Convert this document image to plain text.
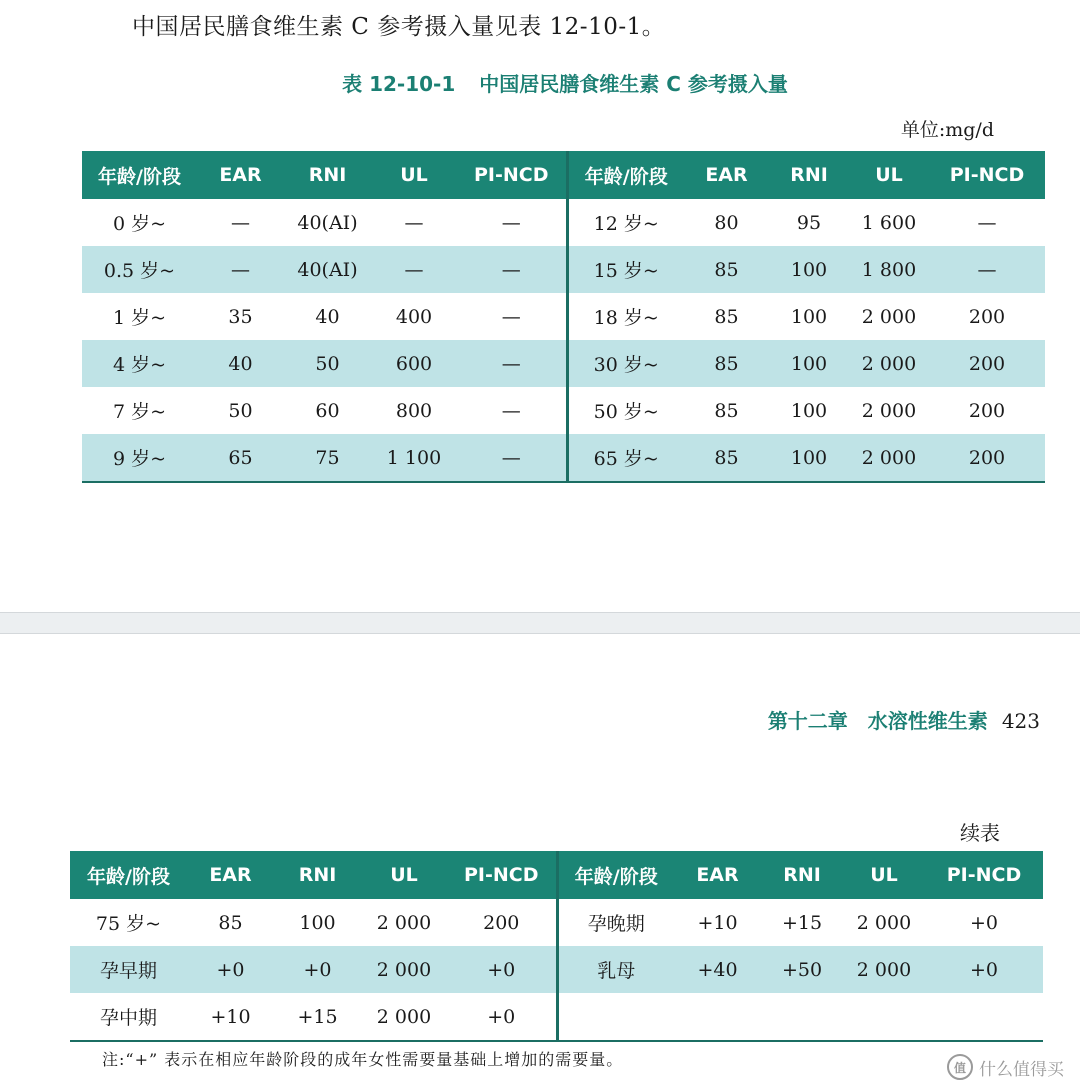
中国居民膳食维生素 C 参考摄入量见表 12-10-1。
表 12-10-1 中国居民膳食维生素 C 参考摄入量
单位:mg/d
年龄/阶段	EAR	RNI	UL	PI-NCD	年龄/阶段	EAR	RNI	UL	PI-NCD
0 岁~	—	40(AI)	—	—	12 岁~	80	95	1 600	—
0.5 岁~	—	40(AI)	—	—	15 岁~	85	100	1 800	—
1 岁~	35	40	400	—	18 岁~	85	100	2 000	200
4 岁~	40	50	600	—	30 岁~	85	100	2 000	200
7 岁~	50	60	800	—	50 岁~	85	100	2 000	200
9 岁~	65	75	1 100	—	65 岁~	85	100	2 000	200
第十二章　水溶性维生素 423
续表
年龄/阶段	EAR	RNI	UL	PI-NCD	年龄/阶段	EAR	RNI	UL	PI-NCD
75 岁~	85	100	2 000	200	孕晚期	+10	+15	2 000	+0
孕早期	+0	+0	2 000	+0	乳母	+40	+50	2 000	+0
孕中期	+10	+15	2 000	+0					
注:“+” 表示在相应年龄阶段的成年女性需要量基础上增加的需要量。	值 什么值得买
